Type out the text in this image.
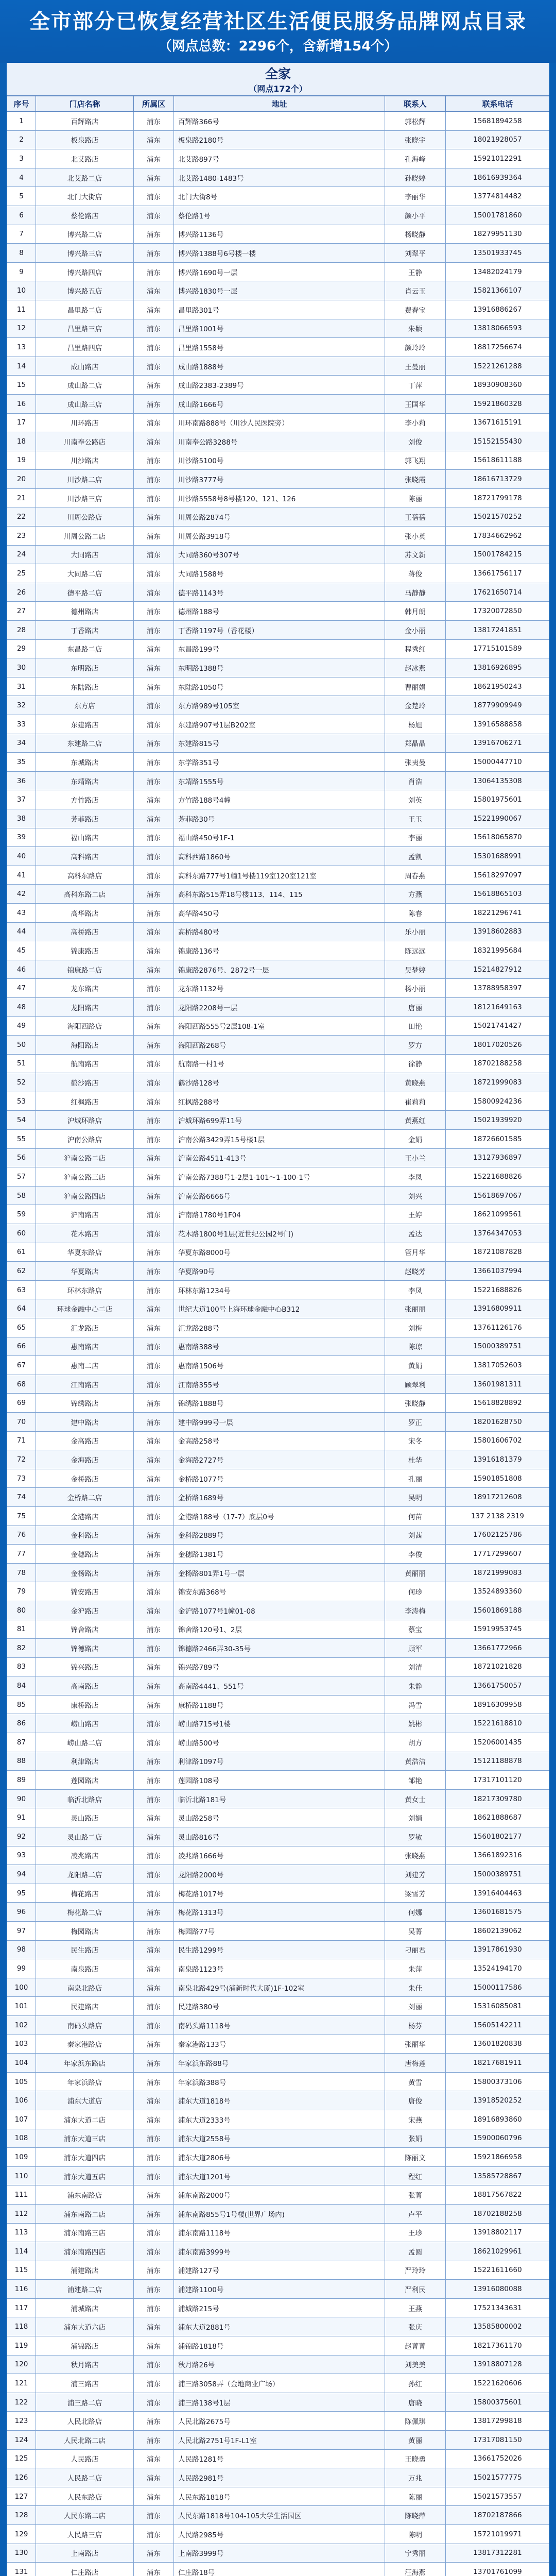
全市部分已恢复经营社区生活便民服务品牌网点目录
（网点总数：2296个，含新增154个）
全家
（网点172个）
序号	门店名称	所属区	地址	联系人	联系电话
1	百辉路店	浦东	百辉路366号	郭松辉	15681894258
2	板泉路店	浦东	板泉路2180号	张晓宇	18021928057
3	北艾路店	浦东	北艾路897号	孔海峰	15921012291
4	北艾路二店	浦东	北艾路1480-1483号	孙晓婷	18616939364
5	北门大街店	浦东	北门大街8号	李丽华	13774814482
6	蔡伦路店	浦东	蔡伦路1号	颜小平	15001781860
7	博兴路二店	浦东	博兴路1136号	杨晓静	18279951130
8	博兴路三店	浦东	博兴路1388号6号楼一楼	刘翠平	13501933745
9	博兴路四店	浦东	博兴路1690号一层	王静	13482024179
10	博兴路五店	浦东	博兴路1830号一层	肖云玉	15821366107
11	昌里路二店	浦东	昌里路301号	费春宝	13916886267
12	昌里路三店	浦东	昌里路1001号	朱颖	13818066593
13	昌里路四店	浦东	昌里路1558号	颜玲玲	18817256674
14	成山路店	浦东	成山路1888号	王曼丽	15221261288
15	成山路二店	浦东	成山路2383-2389号	丁萍	18930908360
16	成山路三店	浦东	成山路1666号	王国华	15921860328
17	川环路店	浦东	川环南路888号（川沙人民医院旁）	李小莉	13671615191
18	川南奉公路店	浦东	川南奉公路3288号	刘俊	15152155430
19	川沙路店	浦东	川沙路5100号	郭飞翔	15618611188
20	川沙路二店	浦东	川沙路3777号	张晓霞	18616713729
21	川沙路三店	浦东	川沙路5558号8号楼120、121、126	陈丽	18721799178
22	川周公路店	浦东	川周公路2874号	王蓓蓓	15021570252
23	川周公路二店	浦东	川周公路3918号	张小英	17834662962
24	大同路店	浦东	大同路360号307号	苏文新	15001784215
25	大同路二店	浦东	大同路1588号	蒋俊	13661756117
26	德平路二店	浦东	德平路1143号	马静静	17621650714
27	德州路店	浦东	德州路188号	韩月朗	17320072850
28	丁香路店	浦东	丁香路1197号（香花楼）	金小丽	13817241851
29	东昌路二店	浦东	东昌路199号	程秀红	17715101589
30	东明路店	浦东	东明路1388号	赵冰燕	13816926895
31	东陆路店	浦东	东陆路1050号	曹丽娟	18621950243
32	东方店	浦东	东方路989号105室	金楚玲	18779909949
33	东建路店	浦东	东建路907号1层B202室	杨旭	13916588858
34	东建路二店	浦东	东建路815号	郑晶晶	13916706271
35	东城路店	浦东	东学路351号	张夷曼	15000447710
36	东靖路店	浦东	东靖路1555号	肖浩	13064135308
37	方竹路店	浦东	方竹路188号4幢	刘英	15801975601
38	芳菲路店	浦东	芳菲路30号	王玉	15221990067
39	福山路店	浦东	福山路450号1F-1	李丽	15618065870
40	高科路店	浦东	高科西路1860号	孟凯	15301688991
41	高科东路店	浦东	高科东路777号1幢1号楼119室120室121室	周春燕	15618297097
42	高科东路二店	浦东	高科东路515弄18号楼113、114、115	方燕	15618865103
43	高华路店	浦东	高华路450号	陈春	18221296741
44	高桥路店	浦东	高桥路480号	乐小丽	13918602883
45	锦康路店	浦东	锦康路136号	陈远远	18321995684
46	锦康路二店	浦东	锦康路2876号、2872号一层	吴梦婷	15214827912
47	龙东路店	浦东	龙东路1132号	杨小丽	13788958397
48	龙阳路店	浦东	龙阳路2208号一层	唐丽	18121649163
49	海阳西路店	浦东	海阳西路555号2层108-1室	田艳	15021741427
50	海阳路店	浦东	海阳西路268号	罗方	18017020526
51	航南路店	浦东	航南路一村1号	徐静	18702188258
52	鹤沙路店	浦东	鹤沙路128号	黄晓燕	18721999083
53	红枫路店	浦东	红枫路288号	崔莉莉	15800924236
54	沪城环路店	浦东	沪城环路699弄11号	黄燕红	15021939920
55	沪南公路店	浦东	沪南公路3429弄15号楼1层	金娟	18726601585
56	沪南公路二店	浦东	沪南公路4511-413号	王小兰	13127936897
57	沪南公路三店	浦东	沪南公路7388号1-2层1-101～1-100-1号	李凤	15221688826
58	沪南公路四店	浦东	沪南公路6666号	刘兴	15618697067
59	沪南路店	浦东	沪南路1780号1F04	王婷	18621099561
60	花木路店	浦东	花木路1800号1层(近世纪公园2号门)	孟达	13764347053
61	华夏东路店	浦东	华夏东路8000号	管月华	18721087828
62	华夏路店	浦东	华夏路90号	赵晓芳	13661037994
63	环林东路店	浦东	环林东路1234号	李凤	15221688826
64	环球金融中心二店	浦东	世纪大道100号上海环球金融中心B312	张丽丽	13916809911
65	汇龙路店	浦东	汇龙路288号	刘梅	13761126176
66	惠南路店	浦东	惠南路388号	陈琼	15000389751
67	惠南二店	浦东	惠南路1506号	黄娟	13817052603
68	江南路店	浦东	江南路355号	顾翠利	13601981311
69	锦绣路店	浦东	锦绣路1888号	张晓静	15618828892
70	建中路店	浦东	建中路999号一层	罗正	18201628750
71	金高路店	浦东	金高路258号	宋冬	15801606702
72	金海路店	浦东	金海路2727号	杜华	13916181379
73	金桥路店	浦东	金桥路1077号	孔丽	15901851808
74	金桥路二店	浦东	金桥路1689号	吴明	18917212608
75	金港路店	浦东	金港路188号（17-7）底层0号	何苗	137 2138 2319
76	金科路店	浦东	金科路2889号	刘茜	17602125786
77	金穗路店	浦东	金穗路1381号	李俊	17717299607
78	金杨路店	浦东	金杨路801弄1号一层	黄丽丽	18721999083
79	锦安路店	浦东	锦安东路368号	何珍	13524893360
80	金沪路店	浦东	金沪路1077号1幢01-08	李涛梅	15601869188
81	锦舍路店	浦东	锦舍路120号1、2层	蔡宝	15919953745
82	锦德路店	浦东	锦德路2466弄30-35号	顾军	13661772966
83	锦兴路店	浦东	锦兴路789号	刘清	18721021828
84	高南路店	浦东	高南路4441、551号	朱静	13661750057
85	康桥路店	浦东	康桥路1188号	冯雪	18916309958
86	崂山路店	浦东	崂山路715号1楼	姚彬	15221618810
87	崂山路二店	浦东	崂山路500号	胡方	15206001435
88	利津路店	浦东	利津路1097号	黄浩洁	15121188878
89	莲园路店	浦东	莲园路108号	邹艳	17317101120
90	临沂北路店	浦东	临沂北路181号	黄女士	18217309780
91	灵山路店	浦东	灵山路258号	刘娟	18621888687
92	灵山路二店	浦东	灵山路816号	罗敏	15601802177
93	凌兆路店	浦东	凌兆路1666号	张晓燕	13661892316
94	龙阳路二店	浦东	龙阳路2000号	刘建芳	15000389751
95	梅花路店	浦东	梅花路1017号	梁雪芳	13916404463
96	梅花路二店	浦东	梅花路1313号	何娜	13601681575
97	梅园路店	浦东	梅园路77号	吴菁	18602139062
98	民生路店	浦东	民生路1299号	刁丽君	13917861930
99	南泉路店	浦东	南泉路1123号	朱萍	13524194170
100	南泉北路店	浦东	南泉北路429号(浦新时代大厦)1F-102室	朱佳	15000117586
101	民建路店	浦东	民建路380号	刘丽	15316085081
102	南码头路店	浦东	南码头路1118号	杨芬	15605142211
103	秦家港路店	浦东	秦家港路133号	张丽华	13601820838
104	年家浜东路店	浦东	年家浜东路88号	唐梅莲	18217681911
105	年家浜路店	浦东	年家浜路388号	黄雪	15800373106
106	浦东大道店	浦东	浦东大道1818号	唐俊	13918520252
107	浦东大道二店	浦东	浦东大道2333号	宋燕	18916893860
108	浦东大道三店	浦东	浦东大道2558号	张娟	15900060796
109	浦东大道四店	浦东	浦东大道2806号	陈丽文	15921866958
110	浦东大道五店	浦东	浦东大道1201号	程红	13585728867
111	浦东南路店	浦东	浦东南路2000号	张菁	18817567822
112	浦东南路二店	浦东	浦东南路855号1号楼(世界广场内)	卢平	18702188258
113	浦东南路三店	浦东	浦东南路1118号	王珍	13918802117
114	浦东南路四店	浦东	浦东南路3999号	孟圆	18621029961
115	浦建路店	浦东	浦建路127号	严玲玲	15221611660
116	浦建路二店	浦东	浦建路1100号	严利民	13916080088
117	浦城路店	浦东	浦城路215号	王燕	17521343631
118	浦东大道六店	浦东	浦东大道2881号	张庆	13585800002
119	浦锦路店	浦东	浦锦路1818号	赵菁菁	18217361170
120	秋月路店	浦东	秋月路26号	刘美美	13918807128
121	浦三路店	浦东	浦三路3058弄（金地商业广场）	孙红	15221620606
122	浦三路二店	浦东	浦三路138号1层	唐晓	15800375601
123	人民北路店	浦东	人民北路2675号	陈佩琪	13817299818
124	人民北路二店	浦东	人民北路2751号1F-L1室	黄丽	17317081150
125	人民路店	浦东	人民路1281号	王晓勇	13661752026
126	人民路二店	浦东	人民路2981号	万兆	15021577775
127	人民东路店	浦东	人民东路1818号	陈丽	15021573557
128	人民东路二店	浦东	人民东路1818号104-105大学生活园区	陈晓萍	18702187866
129	人民路三店	浦东	人民路2985号	陈明	15721019971
130	上南路店	浦东	上南路3999号	宁秀丽	13817312281
131	仁庄路店	浦东	仁庄路18号	汪海燕	13701761099
